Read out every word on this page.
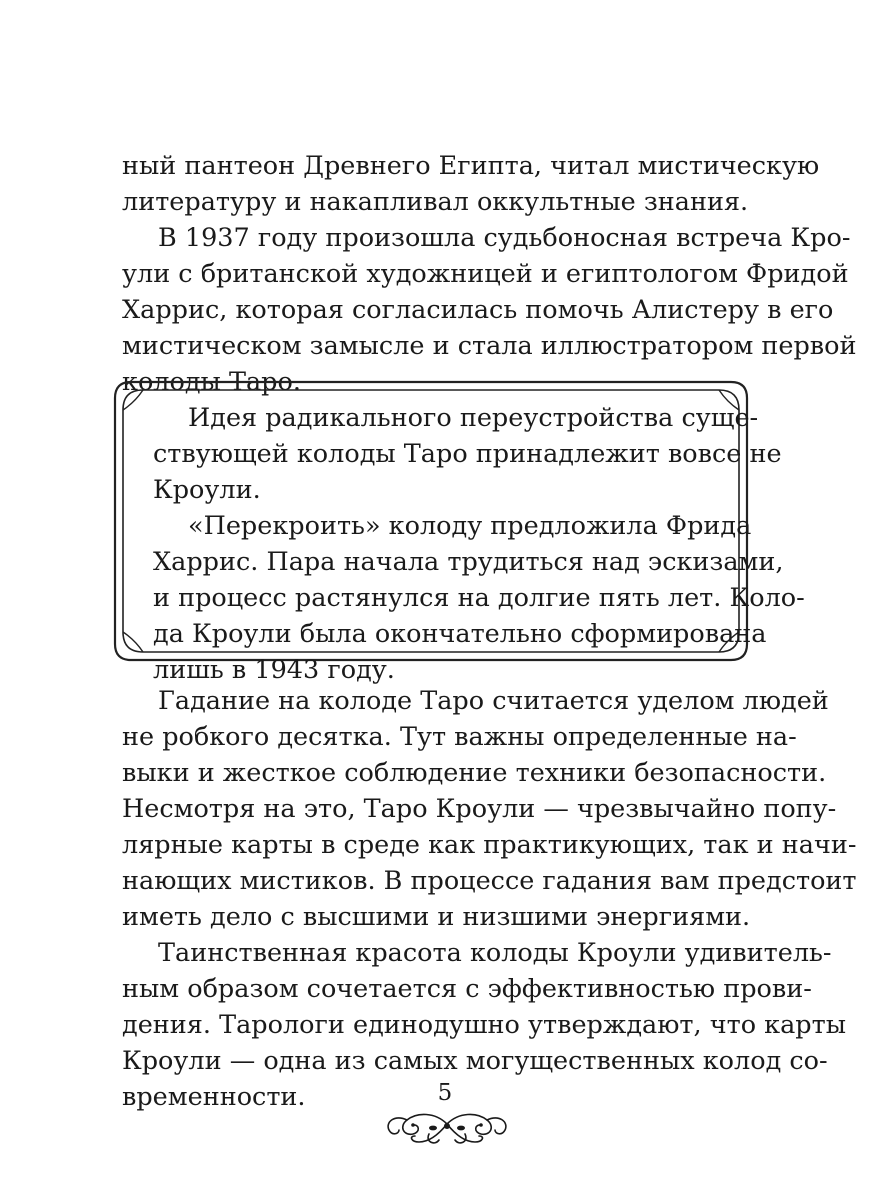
ный пантеон Древнего Египта, читал мистическую
литературу и накапливал оккультные знания.
В 1937 году произошла судьбоносная встреча Кро-
ули с британской художницей и египтологом Фридой
Харрис, которая согласилась помочь Алистеру в его
мистическом замысле и стала иллюстратором первой
колоды Таро.
Идея радикального переустройства суще-
ствующей колоды Таро принадлежит вовсе не
Кроули.
«Перекроить» колоду предложила Фрида
Харрис. Пара начала трудиться над эскизами,
и процесс растянулся на долгие пять лет. Коло-
да Кроули была окончательно сформирована
лишь в 1943 году.
Гадание на колоде Таро считается уделом людей
не робкого десятка. Тут важны определенные на-
выки и жесткое соблюдение техники безопасности.
Несмотря на это, Таро Кроули — чрезвычайно попу-
лярные карты в среде как практикующих, так и начи-
нающих мистиков. В процессе гадания вам предстоит
иметь дело с высшими и низшими энергиями.
Таинственная красота колоды Кроули удивитель-
ным образом сочетается с эффективностью прови-
дения. Тарологи единодушно утверждают, что карты
Кроули — одна из самых могущественных колод со-
временности.	5
